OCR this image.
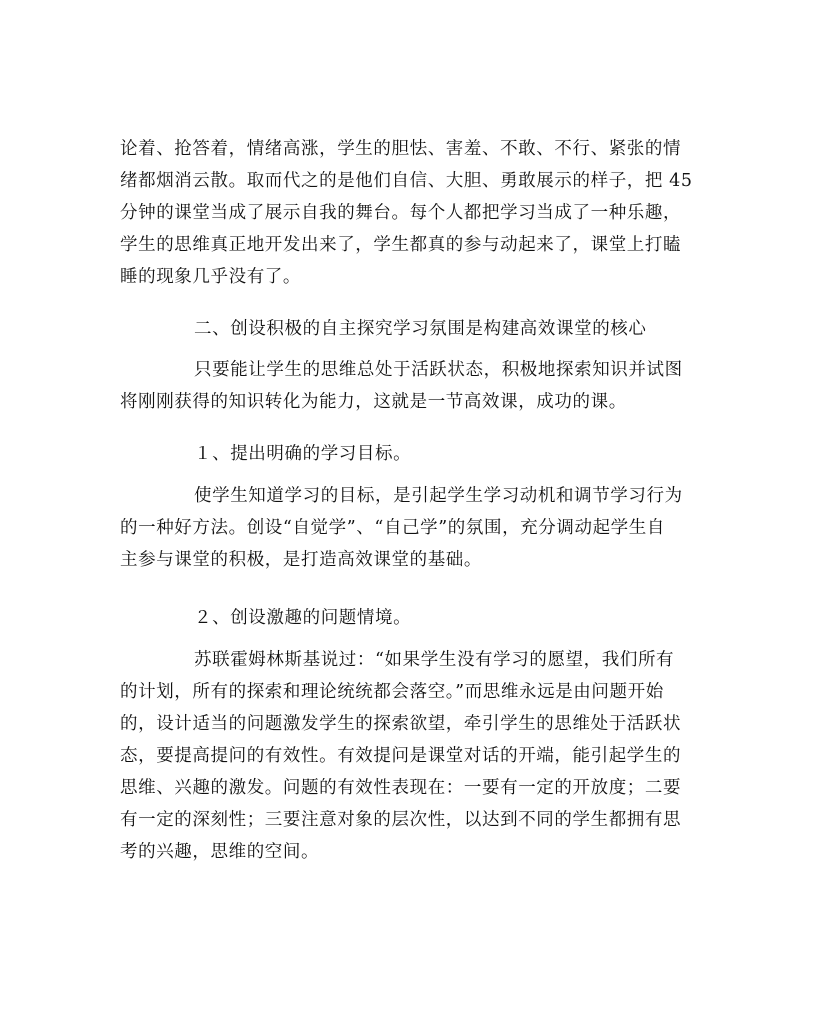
论着、抢答着，情绪高涨，学生的胆怯、害羞、不敢、不行、紧张的情
绪都烟消云散。取而代之的是他们自信、大胆、勇敢展示的样子，把 45
分钟的课堂当成了展示自我的舞台。每个人都把学习当成了一种乐趣，
学生的思维真正地开发出来了，学生都真的参与动起来了，课堂上打瞌
睡的现象几乎没有了。
二、创设积极的自主探究学习氛围是构建高效课堂的核心
只要能让学生的思维总处于活跃状态，积极地探索知识并试图
将刚刚获得的知识转化为能力，这就是一节高效课，成功的课。
１、提出明确的学习目标。
使学生知道学习的目标，是引起学生学习动机和调节学习行为
的一种好方法。创设“自觉学”、“自己学”的氛围，充分调动起学生自
主参与课堂的积极，是打造高效课堂的基础。
２、创设激趣的问题情境。
苏联霍姆林斯基说过：“如果学生没有学习的愿望，我们所有
的计划，所有的探索和理论统统都会落空。”而思维永远是由问题开始
的，设计适当的问题激发学生的探索欲望，牵引学生的思维处于活跃状
态，要提高提问的有效性。有效提问是课堂对话的开端，能引起学生的
思维、兴趣的激发。问题的有效性表现在：一要有一定的开放度；二要
有一定的深刻性；三要注意对象的层次性，以达到不同的学生都拥有思
考的兴趣，思维的空间。
